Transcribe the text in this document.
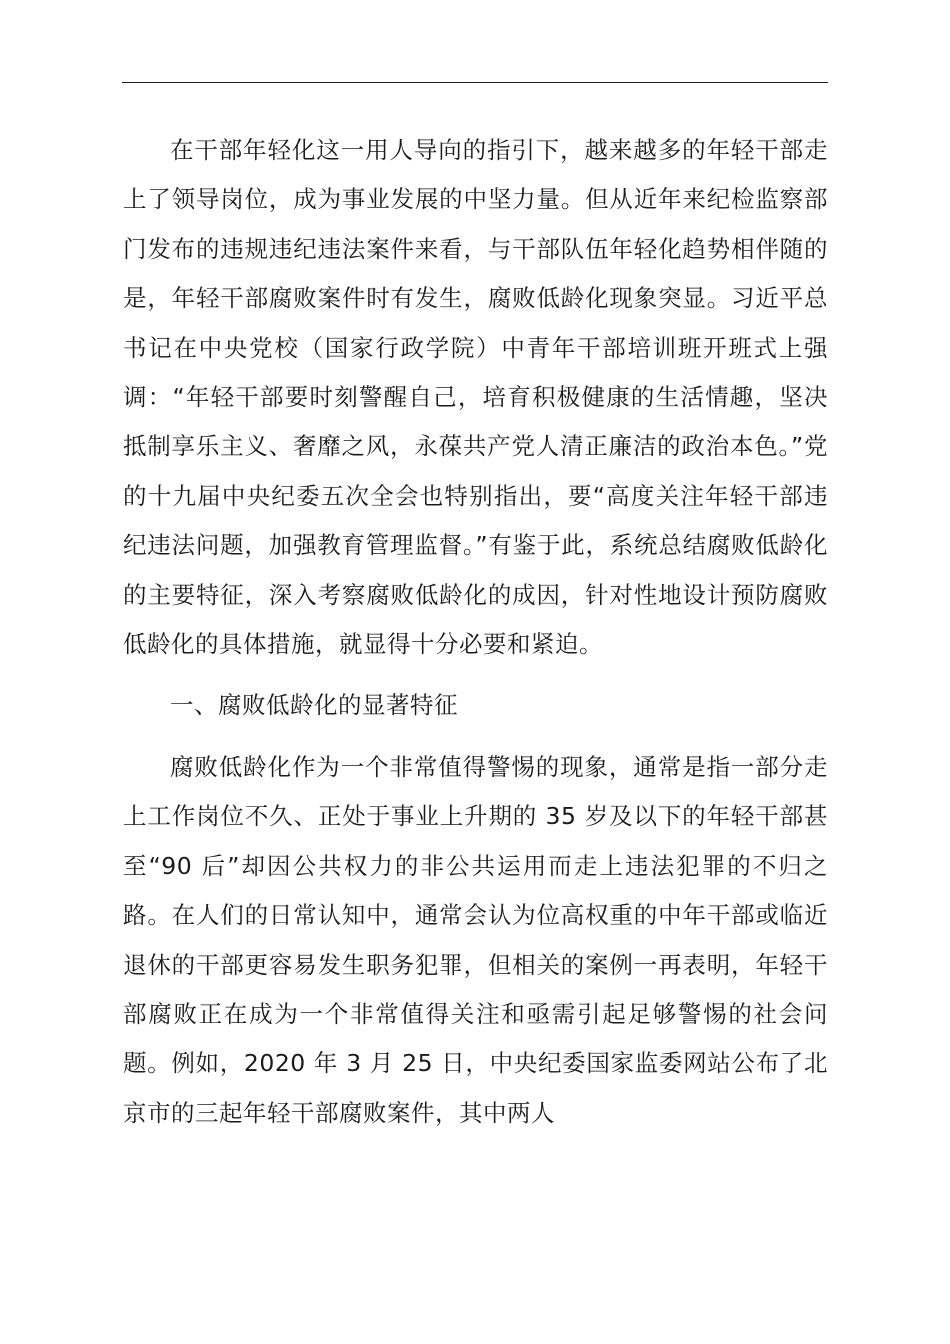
在干部年轻化这一用人导向的指引下，越来越多的年轻干部走上了领导岗位，成为事业发展的中坚力量。但从近年来纪检监察部门发布的违规违纪违法案件来看，与干部队伍年轻化趋势相伴随的是，年轻干部腐败案件时有发生，腐败低龄化现象突显。习近平总书记在中央党校（国家行政学院）中青年干部培训班开班式上强调：“年轻干部要时刻警醒自己，培育积极健康的生活情趣，坚决抵制享乐主义、奢靡之风，永葆共产党人清正廉洁的政治本色。”党的十九届中央纪委五次全会也特别指出，要“高度关注年轻干部违纪违法问题，加强教育管理监督。”有鉴于此，系统总结腐败低龄化的主要特征，深入考察腐败低龄化的成因，针对性地设计预防腐败低龄化的具体措施，就显得十分必要和紧迫。

一、腐败低龄化的显著特征

腐败低龄化作为一个非常值得警惕的现象，通常是指一部分走上工作岗位不久、正处于事业上升期的 35 岁及以下的年轻干部甚至“90 后”却因公共权力的非公共运用而走上违法犯罪的不归之路。在人们的日常认知中，通常会认为位高权重的中年干部或临近退休的干部更容易发生职务犯罪，但相关的案例一再表明，年轻干部腐败正在成为一个非常值得关注和亟需引起足够警惕的社会问题。例如，2020 年 3 月 25 日，中央纪委国家监委网站公布了北京市的三起年轻干部腐败案件，其中两人
